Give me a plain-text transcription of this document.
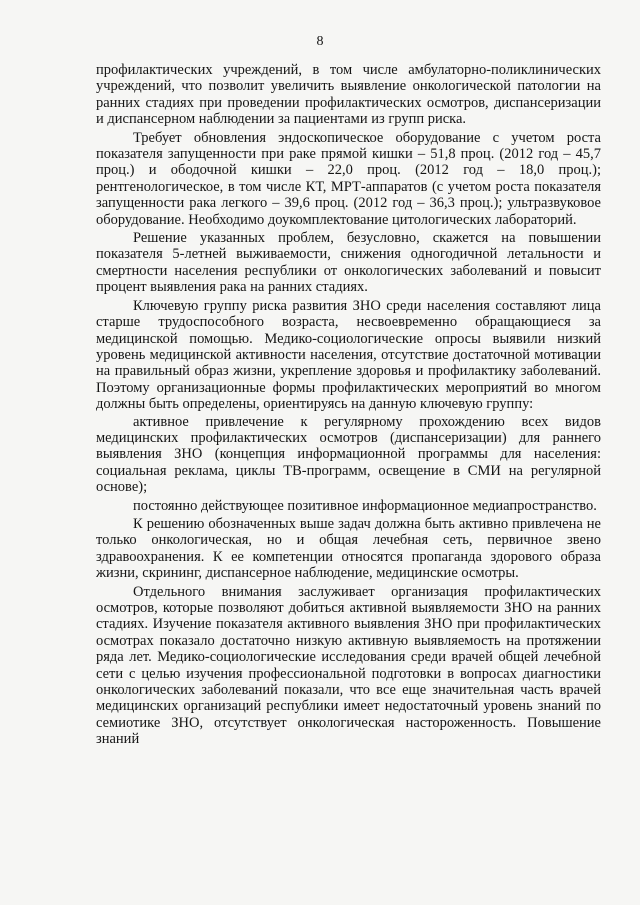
8

профилактических учреждений, в том числе амбулаторно-поликлинических учреждений, что позволит увеличить выявление онкологической патологии на ранних стадиях при проведении профилактических осмотров, диспансеризации и диспансерном наблюдении за пациентами из групп риска.

Требует обновления эндоскопическое оборудование с учетом роста показателя запущенности при раке прямой кишки – 51,8 проц. (2012 год – 45,7 проц.) и ободочной кишки – 22,0 проц. (2012 год – 18,0 проц.); рентгенологическое, в том числе КТ, МРТ-аппаратов (с учетом роста показателя запущенности рака легкого – 39,6 проц. (2012 год – 36,3 проц.); ультразвуковое оборудование. Необходимо доукомплектование цитологических лабораторий.

Решение указанных проблем, безусловно, скажется на повышении показателя 5-летней выживаемости, снижения одногодичной летальности и смертности населения республики от онкологических заболеваний и повысит процент выявления рака на ранних стадиях.

Ключевую группу риска развития ЗНО среди населения составляют лица старше трудоспособного возраста, несвоевременно обращающиеся за медицинской помощью. Медико-социологические опросы выявили низкий уровень медицинской активности населения, отсутствие достаточной мотивации на правильный образ жизни, укрепление здоровья и профилактику заболеваний. Поэтому организационные формы профилактических мероприятий во многом должны быть определены, ориентируясь на данную ключевую группу:

активное привлечение к регулярному прохождению всех видов медицинских профилактических осмотров (диспансеризации) для раннего выявления ЗНО (концепция информационной программы для населения: социальная реклама, циклы ТВ-программ, освещение в СМИ на регулярной основе);

постоянно действующее позитивное информационное медиапространство.

К решению обозначенных выше задач должна быть активно привлечена не только онкологическая, но и общая лечебная сеть, первичное звено здравоохранения. К ее компетенции относятся пропаганда здорового образа жизни, скрининг, диспансерное наблюдение, медицинские осмотры.

Отдельного внимания заслуживает организация профилактических осмотров, которые позволяют добиться активной выявляемости ЗНО на ранних стадиях. Изучение показателя активного выявления ЗНО при профилактических осмотрах показало достаточно низкую активную выявляемость на протяжении ряда лет. Медико-социологические исследования среди врачей общей лечебной сети с целью изучения профессиональной подготовки в вопросах диагностики онкологических заболеваний показали, что все еще значительная часть врачей медицинских организаций республики имеет недостаточный уровень знаний по семиотике ЗНО, отсутствует онкологическая настороженность. Повышение знаний
